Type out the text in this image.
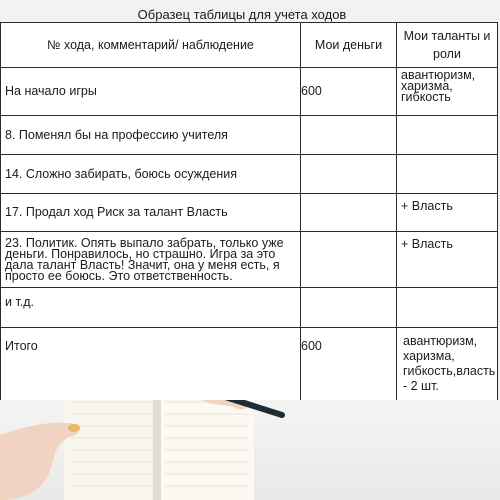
Образец таблицы для учета ходов
№ хода, комментарий/ наблюдение	Мои деньги	Мои таланты и роли
На начало игры	600	авантюризм, харизма, гибкость
8. Поменял бы на профессию учителя		
14. Сложно забирать, боюсь осуждения		
17. Продал ход Риск за талант Власть		+ Власть
23. Политик. Опять выпало забрать, только уже деньги. Понравилось, но страшно. Игра за это дала талант Власть! Значит, она у меня есть, я просто ее боюсь. Это ответственность.		+ Власть
и т.д.		
Итого	600	авантюризм, харизма, гибкость,власть - 2 шт.
